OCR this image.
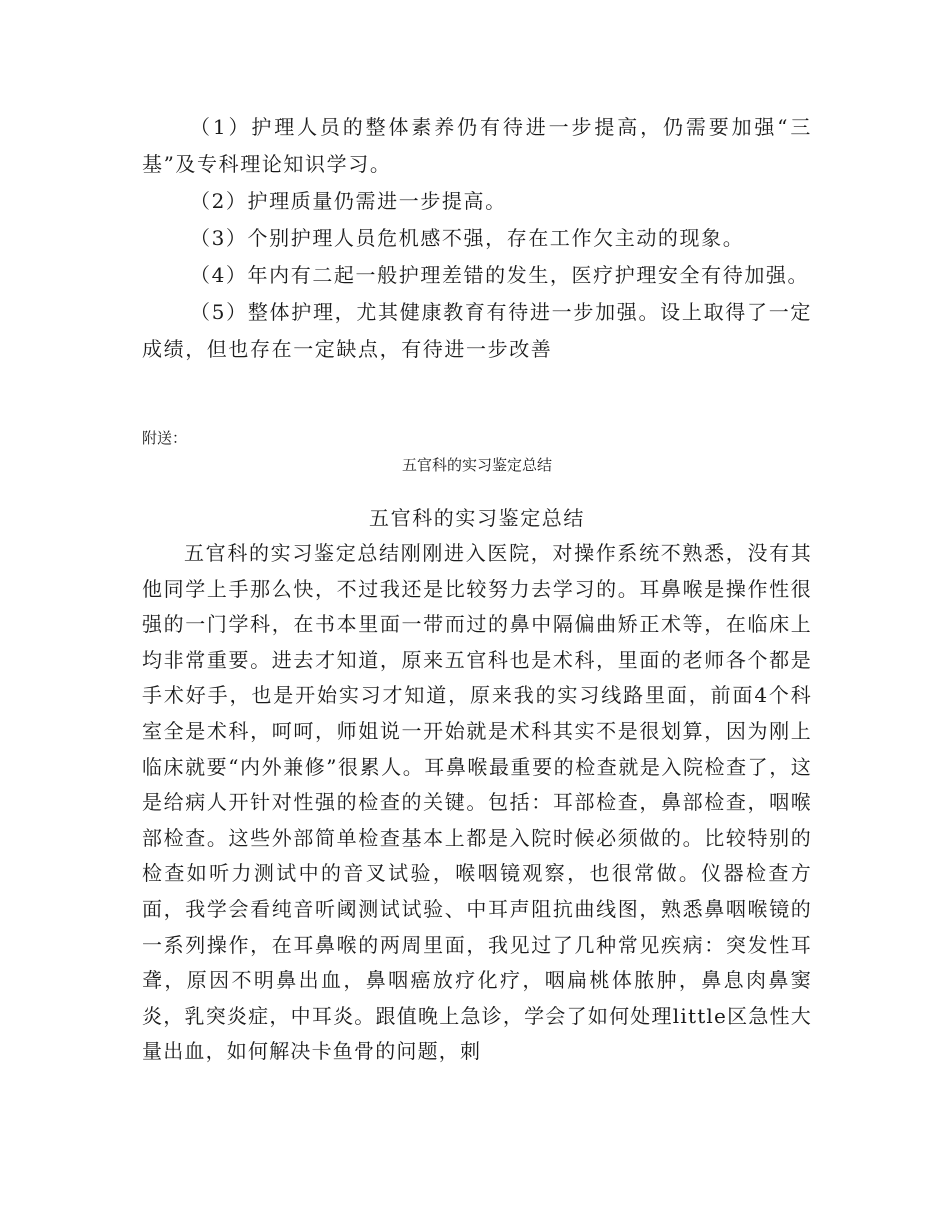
（1）护理人员的整体素养仍有待进一步提高，仍需要加强“三基”及专科理论知识学习。

（2）护理质量仍需进一步提高。

（3）个别护理人员危机感不强，存在工作欠主动的现象。

（4）年内有二起一般护理差错的发生，医疗护理安全有待加强。

（5）整体护理，尤其健康教育有待进一步加强。设上取得了一定成绩，但也存在一定缺点，有待进一步改善

附送：

五官科的实习鉴定总结

五官科的实习鉴定总结

五官科的实习鉴定总结刚刚进入医院，对操作系统不熟悉，没有其他同学上手那么快，不过我还是比较努力去学习的。耳鼻喉是操作性很强的一门学科，在书本里面一带而过的鼻中隔偏曲矫正术等，在临床上均非常重要。进去才知道，原来五官科也是术科，里面的老师各个都是手术好手，也是开始实习才知道，原来我的实习线路里面，前面4个科室全是术科，呵呵，师姐说一开始就是术科其实不是很划算，因为刚上临床就要“内外兼修”很累人。耳鼻喉最重要的检查就是入院检查了，这是给病人开针对性强的检查的关键。包括：耳部检查，鼻部检查，咽喉部检查。这些外部简单检查基本上都是入院时候必须做的。比较特别的检查如听力测试中的音叉试验，喉咽镜观察，也很常做。仪器检查方面，我学会看纯音听阈测试试验、中耳声阻抗曲线图，熟悉鼻咽喉镜的一系列操作，在耳鼻喉的两周里面，我见过了几种常见疾病：突发性耳聋，原因不明鼻出血，鼻咽癌放疗化疗，咽扁桃体脓肿，鼻息肉鼻窦炎，乳突炎症，中耳炎。跟值晚上急诊，学会了如何处理little区急性大量出血，如何解决卡鱼骨的问题，刺
